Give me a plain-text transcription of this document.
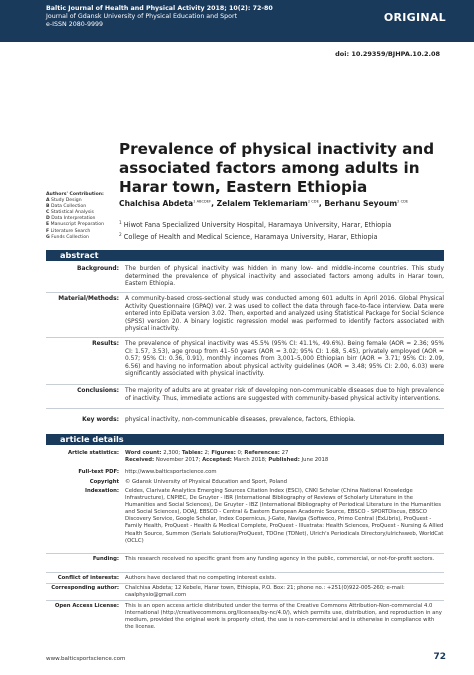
Baltic Journal of Health and Physical Activity 2018; 10(2): 72-80
Journal of Gdansk University of Physical Education and Sport
e-ISSN 2080-9999
ORIGINAL
doi: 10.29359/BJHPA.10.2.08
Prevalence of physical inactivity and associated factors among adults in Harar town, Eastern Ethiopia
Authors' Contribution:
A Study Design
B Data Collection
C Statistical Analysis
D Data Interpretation
E Manuscript Preparation
F Literature Search
G Funds Collection
Chalchisa Abdeta$^{1 ABCDEF}$, Zelalem Teklemariam$^{2 CDE}$, Berhanu Seyoum$^{2 CDE}$
$^1$ Hiwot Fana Specialized University Hospital, Haramaya University, Harar, Ethiopia
$^2$ College of Health and Medical Science, Haramaya University, Harar, Ethiopia
abstract
Background: The burden of physical inactivity was hidden in many low- and middle-income countries. This study determined the prevalence of physical inactivity and associated factors among adults in Harar town, Eastern Ethiopia.
Material/Methods: A community-based cross-sectional study was conducted among 601 adults in April 2016. Global Physical Activity Questionnaire (GPAQ) ver. 2 was used to collect the data through face-to-face interview. Data were entered into EpiData version 3.02. Then, exported and analyzed using Statistical Package for Social Science (SPSS) version 20. A binary logistic regression model was performed to identify factors associated with physical inactivity.
Results: The prevalence of physical inactivity was 45.5% (95% CI: 41.1%, 49.6%). Being female (AOR = 2.36; 95% CI: 1.57, 3.53), age group from 41–50 years (AOR = 3.02; 95% CI: 1.68, 5.45), privately employed (AOR = 0.57; 95% CI: 0.36, 0.91), monthly incomes from 3,001–5,000 Ethiopian birr (AOR = 3.71; 95% CI: 2.09, 6.56) and having no information about physical activity guidelines (AOR = 3.48; 95% CI: 2.00, 6.03) were significantly associated with physical inactivity.
Conclusions: The majority of adults are at greater risk of developing non-communicable diseases due to high prevalence of inactivity. Thus, immediate actions are suggested with community-based physical activity interventions.
Key words: physical inactivity, non-communicable diseases, prevalence, factors, Ethiopia.
article details
Article statistics: Word count: 2,300; Tables: 2; Figures: 0; References: 27
Received: November 2017; Accepted: March 2018; Published: June 2018
Full-text PDF: http://www.balticsportscience.com
Copyright © Gdansk University of Physical Education and Sport, Poland
Indexation: Celdes, Clarivate Analytics Emerging Sources Citation Index (ESCI), CNKI Scholar (China National Knowledge Infrastructure), CNPIEC, De Gruyter - IBR (International Bibliography of Reviews of Scholarly Literature in the Humanities and Social Sciences), De Gruyter - IBZ (International Bibliography of Periodical Literature in the Humanities and Social Sciences), DOAJ, EBSCO - Central & Eastern European Academic Source, EBSCO - SPORTDiscus, EBSCO Discovery Service, Google Scholar, Index Copernicus, J-Gate, Naviga (Softweco, Primo Central (ExLibris), ProQuest - Family Health, ProQuest - Health & Medical Complete, ProQuest - Illustrata: Health Sciences, ProQuest - Nursing & Allied Health Source, Summon (Serials Solutions/ProQuest, TDOne (TDNet), Ulrich's Periodicals Directory/ulrichsweb, WorldCat (OCLC)
Funding: This research received no specific grant from any funding agency in the public, commercial, or not-for-profit sectors.
Conflict of interests: Authors have declared that no competing interest exists.
Corresponding author: Chalchisa Abdeta; 12 Kebele, Harar town, Ethiopia, P.O. Box: 21; phone no.: +251(0)922-005-260; e-mail: caalphysio@gmail.com
Open Access License: This is an open access article distributed under the terms of the Creative Commons Attribution-Non-commercial 4.0 International (http://creativecommons.org/licenses/by-nc/4.0/), which permits use, distribution, and reproduction in any medium, provided the original work is properly cited, the use is non-commercial and is otherwise in compliance with the license.
www.balticsportscience.com	72
